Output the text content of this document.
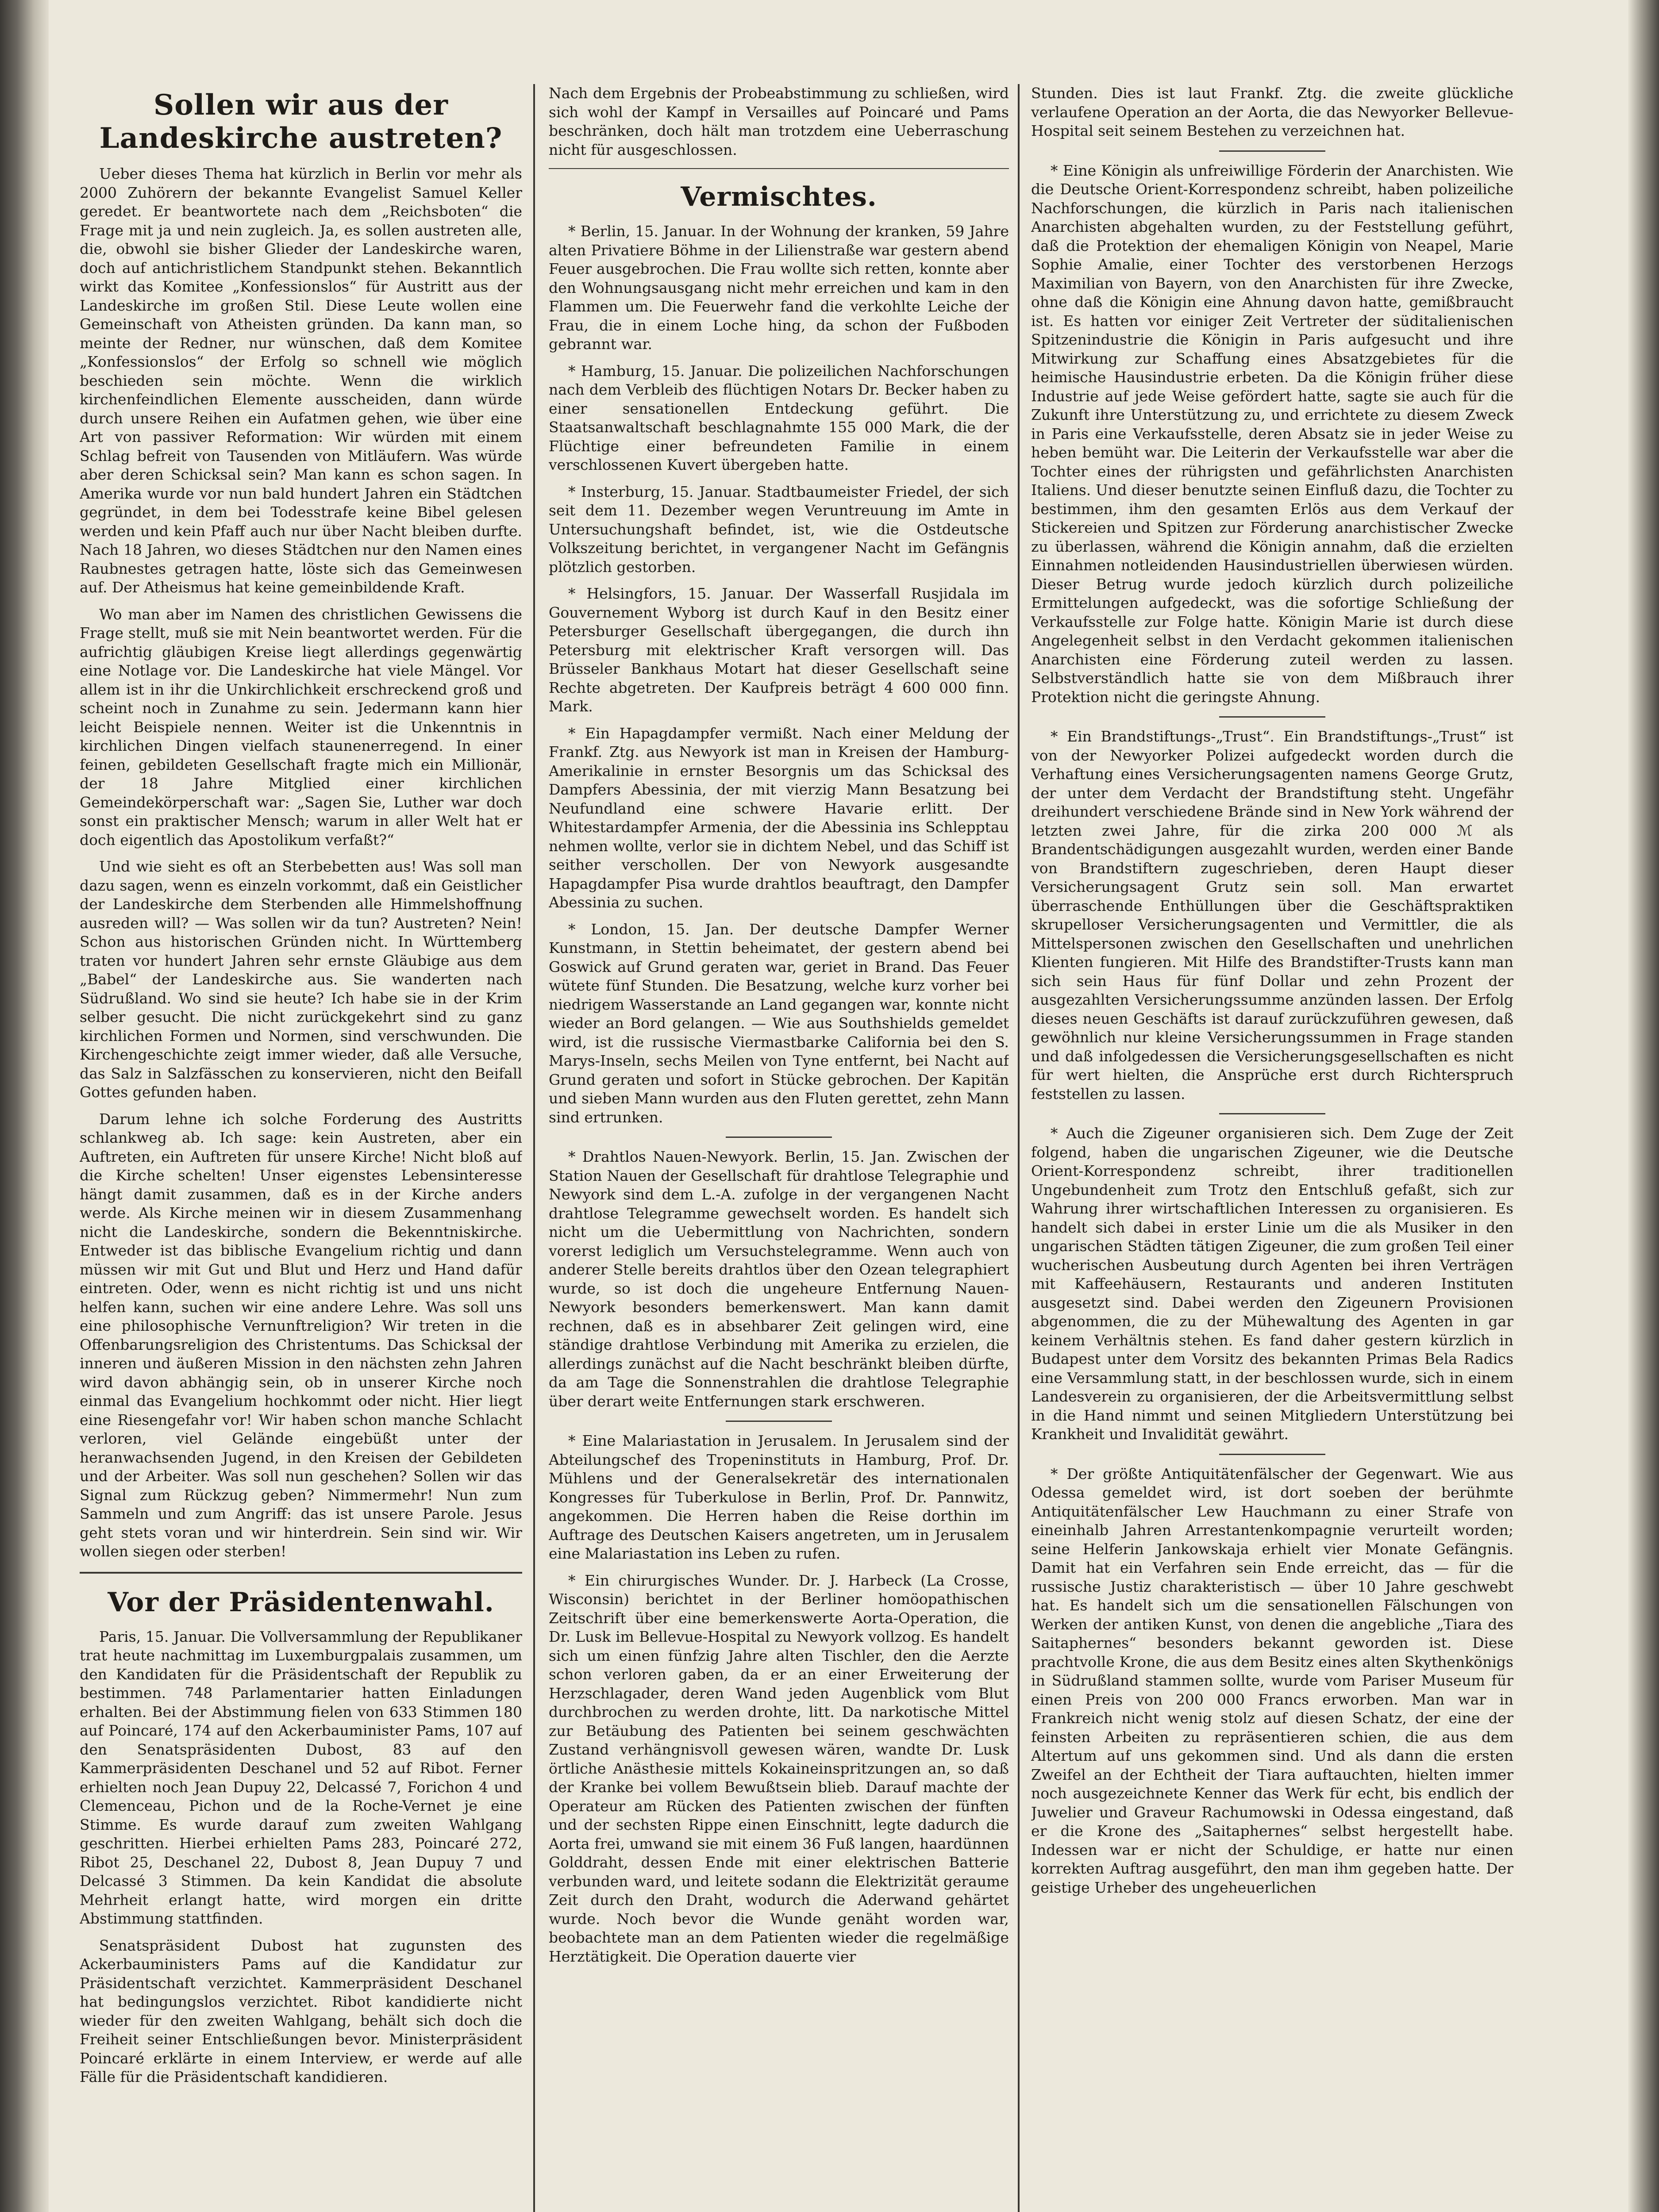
Sollen wir aus der Landeskirche austreten?

Ueber dieses Thema hat kürzlich in Berlin vor mehr als 2000 Zuhörern der bekannte Evangelist Samuel Keller geredet. Er beantwortete nach dem „Reichsboten“ die Frage mit ja und nein zugleich. Ja, es sollen austreten alle, die, obwohl sie bisher Glieder der Landeskirche waren, doch auf antichristlichem Standpunkt stehen. Bekanntlich wirkt das Komitee „Konfessionslos“ für Austritt aus der Landeskirche im großen Stil. Diese Leute wollen eine Gemeinschaft von Atheisten gründen. Da kann man, so meinte der Redner, nur wünschen, daß dem Komitee „Konfessionslos“ der Erfolg so schnell wie möglich beschieden sein möchte. Wenn die wirklich kirchenfeindlichen Elemente ausscheiden, dann würde durch unsere Reihen ein Aufatmen gehen, wie über eine Art von passiver Reformation: Wir würden mit einem Schlag befreit von Tausenden von Mitläufern. Was würde aber deren Schicksal sein? Man kann es schon sagen. In Amerika wurde vor nun bald hundert Jahren ein Städtchen gegründet, in dem bei Todesstrafe keine Bibel gelesen werden und kein Pfaff auch nur über Nacht bleiben durfte. Nach 18 Jahren, wo dieses Städtchen nur den Namen eines Raubnestes getragen hatte, löste sich das Gemeinwesen auf. Der Atheismus hat keine gemeinbildende Kraft.

Wo man aber im Namen des christlichen Gewissens die Frage stellt, muß sie mit Nein beantwortet werden. Für die aufrichtig gläubigen Kreise liegt allerdings gegenwärtig eine Notlage vor. Die Landeskirche hat viele Mängel. Vor allem ist in ihr die Unkirchlichkeit erschreckend groß und scheint noch in Zunahme zu sein. Jedermann kann hier leicht Beispiele nennen. Weiter ist die Unkenntnis in kirchlichen Dingen vielfach staunenerregend. In einer feinen, gebildeten Gesellschaft fragte mich ein Millionär, der 18 Jahre Mitglied einer kirchlichen Gemeindekörperschaft war: „Sagen Sie, Luther war doch sonst ein praktischer Mensch; warum in aller Welt hat er doch eigentlich das Apostolikum verfaßt?“

Und wie sieht es oft an Sterbebetten aus! Was soll man dazu sagen, wenn es einzeln vorkommt, daß ein Geistlicher der Landeskirche dem Sterbenden alle Himmelshoffnung ausreden will? — Was sollen wir da tun? Austreten? Nein! Schon aus historischen Gründen nicht. In Württemberg traten vor hundert Jahren sehr ernste Gläubige aus dem „Babel“ der Landeskirche aus. Sie wanderten nach Südrußland. Wo sind sie heute? Ich habe sie in der Krim selber gesucht. Die nicht zurückgekehrt sind zu ganz kirchlichen Formen und Normen, sind verschwunden. Die Kirchengeschichte zeigt immer wieder, daß alle Versuche, das Salz in Salzfässchen zu konservieren, nicht den Beifall Gottes gefunden haben.

Darum lehne ich solche Forderung des Austritts schlankweg ab. Ich sage: kein Austreten, aber ein Auftreten, ein Auftreten für unsere Kirche! Nicht bloß auf die Kirche schelten! Unser eigenstes Lebensinteresse hängt damit zusammen, daß es in der Kirche anders werde. Als Kirche meinen wir in diesem Zusammenhang nicht die Landeskirche, sondern die Bekenntniskirche. Entweder ist das biblische Evangelium richtig und dann müssen wir mit Gut und Blut und Herz und Hand dafür eintreten. Oder, wenn es nicht richtig ist und uns nicht helfen kann, suchen wir eine andere Lehre. Was soll uns eine philosophische Vernunftreligion? Wir treten in die Offenbarungsreligion des Christentums. Das Schicksal der inneren und äußeren Mission in den nächsten zehn Jahren wird davon abhängig sein, ob in unserer Kirche noch einmal das Evangelium hochkommt oder nicht. Hier liegt eine Riesengefahr vor! Wir haben schon manche Schlacht verloren, viel Gelände eingebüßt unter der heranwachsenden Jugend, in den Kreisen der Gebildeten und der Arbeiter. Was soll nun geschehen? Sollen wir das Signal zum Rückzug geben? Nimmermehr! Nun zum Sammeln und zum Angriff: das ist unsere Parole. Jesus geht stets voran und wir hinterdrein. Sein sind wir. Wir wollen siegen oder sterben!

Vor der Präsidentenwahl.

Paris, 15. Januar. Die Vollversammlung der Republikaner trat heute nachmittag im Luxemburgpalais zusammen, um den Kandidaten für die Präsidentschaft der Republik zu bestimmen. 748 Parlamentarier hatten Einladungen erhalten. Bei der Abstimmung fielen von 633 Stimmen 180 auf Poincaré, 174 auf den Ackerbauminister Pams, 107 auf den Senatspräsidenten Dubost, 83 auf den Kammerpräsidenten Deschanel und 52 auf Ribot. Ferner erhielten noch Jean Dupuy 22, Delcassé 7, Forichon 4 und Clemenceau, Pichon und de la Roche-Vernet je eine Stimme. Es wurde darauf zum zweiten Wahlgang geschritten. Hierbei erhielten Pams 283, Poincaré 272, Ribot 25, Deschanel 22, Dubost 8, Jean Dupuy 7 und Delcassé 3 Stimmen. Da kein Kandidat die absolute Mehrheit erlangt hatte, wird morgen ein dritte Abstimmung stattfinden.

Senatspräsident Dubost hat zugunsten des Ackerbauministers Pams auf die Kandidatur zur Präsidentschaft verzichtet. Kammerpräsident Deschanel hat bedingungslos verzichtet. Ribot kandidierte nicht wieder für den zweiten Wahlgang, behält sich doch die Freiheit seiner Entschließungen bevor. Ministerpräsident Poincaré erklärte in einem Interview, er werde auf alle Fälle für die Präsidentschaft kandidieren.

Nach dem Ergebnis der Probeabstimmung zu schließen, wird sich wohl der Kampf in Versailles auf Poincaré und Pams beschränken, doch hält man trotzdem eine Ueberraschung nicht für ausgeschlossen.

Vermischtes.

* Berlin, 15. Januar. In der Wohnung der kranken, 59 Jahre alten Privatiere Böhme in der Lilienstraße war gestern abend Feuer ausgebrochen. Die Frau wollte sich retten, konnte aber den Wohnungsausgang nicht mehr erreichen und kam in den Flammen um. Die Feuerwehr fand die verkohlte Leiche der Frau, die in einem Loche hing, da schon der Fußboden gebrannt war.

* Hamburg, 15. Januar. Die polizeilichen Nachforschungen nach dem Verbleib des flüchtigen Notars Dr. Becker haben zu einer sensationellen Entdeckung geführt. Die Staatsanwaltschaft beschlagnahmte 155 000 Mark, die der Flüchtige einer befreundeten Familie in einem verschlossenen Kuvert übergeben hatte.

* Insterburg, 15. Januar. Stadtbaumeister Friedel, der sich seit dem 11. Dezember wegen Veruntreuung im Amte in Untersuchungshaft befindet, ist, wie die Ostdeutsche Volkszeitung berichtet, in vergangener Nacht im Gefängnis plötzlich gestorben.

* Helsingfors, 15. Januar. Der Wasserfall Rusjidala im Gouvernement Wyborg ist durch Kauf in den Besitz einer Petersburger Gesellschaft übergegangen, die durch ihn Petersburg mit elektrischer Kraft versorgen will. Das Brüsseler Bankhaus Motart hat dieser Gesellschaft seine Rechte abgetreten. Der Kaufpreis beträgt 4 600 000 finn. Mark.

* Ein Hapagdampfer vermißt. Nach einer Meldung der Frankf. Ztg. aus Newyork ist man in Kreisen der Hamburg-Amerikalinie in ernster Besorgnis um das Schicksal des Dampfers Abessinia, der mit vierzig Mann Besatzung bei Neufundland eine schwere Havarie erlitt. Der Whitestardampfer Armenia, der die Abessinia ins Schlepptau nehmen wollte, verlor sie in dichtem Nebel, und das Schiff ist seither verschollen. Der von Newyork ausgesandte Hapagdampfer Pisa wurde drahtlos beauftragt, den Dampfer Abessinia zu suchen.

* London, 15. Jan. Der deutsche Dampfer Werner Kunstmann, in Stettin beheimatet, der gestern abend bei Goswick auf Grund geraten war, geriet in Brand. Das Feuer wütete fünf Stunden. Die Besatzung, welche kurz vorher bei niedrigem Wasserstande an Land gegangen war, konnte nicht wieder an Bord gelangen. — Wie aus Southshields gemeldet wird, ist die russische Viermastbarke California bei den S. Marys-Inseln, sechs Meilen von Tyne entfernt, bei Nacht auf Grund geraten und sofort in Stücke gebrochen. Der Kapitän und sieben Mann wurden aus den Fluten gerettet, zehn Mann sind ertrunken.

* Drahtlos Nauen-Newyork. Berlin, 15. Jan. Zwischen der Station Nauen der Gesellschaft für drahtlose Telegraphie und Newyork sind dem L.-A. zufolge in der vergangenen Nacht drahtlose Telegramme gewechselt worden. Es handelt sich nicht um die Uebermittlung von Nachrichten, sondern vorerst lediglich um Versuchstelegramme. Wenn auch von anderer Stelle bereits drahtlos über den Ozean telegraphiert wurde, so ist doch die ungeheure Entfernung Nauen-Newyork besonders bemerkenswert. Man kann damit rechnen, daß es in absehbarer Zeit gelingen wird, eine ständige drahtlose Verbindung mit Amerika zu erzielen, die allerdings zunächst auf die Nacht beschränkt bleiben dürfte, da am Tage die Sonnenstrahlen die drahtlose Telegraphie über derart weite Entfernungen stark erschweren.

* Eine Malariastation in Jerusalem. In Jerusalem sind der Abteilungschef des Tropeninstituts in Hamburg, Prof. Dr. Mühlens und der Generalsekretär des internationalen Kongresses für Tuberkulose in Berlin, Prof. Dr. Pannwitz, angekommen. Die Herren haben die Reise dorthin im Auftrage des Deutschen Kaisers angetreten, um in Jerusalem eine Malariastation ins Leben zu rufen.

* Ein chirurgisches Wunder. Dr. J. Harbeck (La Crosse, Wisconsin) berichtet in der Berliner homöopathischen Zeitschrift über eine bemerkenswerte Aorta-Operation, die Dr. Lusk im Bellevue-Hospital zu Newyork vollzog. Es handelt sich um einen fünfzig Jahre alten Tischler, den die Aerzte schon verloren gaben, da er an einer Erweiterung der Herzschlagader, deren Wand jeden Augenblick vom Blut durchbrochen zu werden drohte, litt. Da narkotische Mittel zur Betäubung des Patienten bei seinem geschwächten Zustand verhängnisvoll gewesen wären, wandte Dr. Lusk örtliche Anästhesie mittels Kokaineinspritzungen an, so daß der Kranke bei vollem Bewußtsein blieb. Darauf machte der Operateur am Rücken des Patienten zwischen der fünften und der sechsten Rippe einen Einschnitt, legte dadurch die Aorta frei, umwand sie mit einem 36 Fuß langen, haardünnen Golddraht, dessen Ende mit einer elektrischen Batterie verbunden ward, und leitete sodann die Elektrizität geraume Zeit durch den Draht, wodurch die Aderwand gehärtet wurde. Noch bevor die Wunde genäht worden war, beobachtete man an dem Patienten wieder die regelmäßige Herztätigkeit. Die Operation dauerte vier

Stunden. Dies ist laut Frankf. Ztg. die zweite glückliche verlaufene Operation an der Aorta, die das Newyorker Bellevue-Hospital seit seinem Bestehen zu verzeichnen hat.

* Eine Königin als unfreiwillige Förderin der Anarchisten. Wie die Deutsche Orient-Korrespondenz schreibt, haben polizeiliche Nachforschungen, die kürzlich in Paris nach italienischen Anarchisten abgehalten wurden, zu der Feststellung geführt, daß die Protektion der ehemaligen Königin von Neapel, Marie Sophie Amalie, einer Tochter des verstorbenen Herzogs Maximilian von Bayern, von den Anarchisten für ihre Zwecke, ohne daß die Königin eine Ahnung davon hatte, gemißbraucht ist. Es hatten vor einiger Zeit Vertreter der süditalienischen Spitzenindustrie die Königin in Paris aufgesucht und ihre Mitwirkung zur Schaffung eines Absatzgebietes für die heimische Hausindustrie erbeten. Da die Königin früher diese Industrie auf jede Weise gefördert hatte, sagte sie auch für die Zukunft ihre Unterstützung zu, und errichtete zu diesem Zweck in Paris eine Verkaufsstelle, deren Absatz sie in jeder Weise zu heben bemüht war. Die Leiterin der Verkaufsstelle war aber die Tochter eines der rührigsten und gefährlichsten Anarchisten Italiens. Und dieser benutzte seinen Einfluß dazu, die Tochter zu bestimmen, ihm den gesamten Erlös aus dem Verkauf der Stickereien und Spitzen zur Förderung anarchistischer Zwecke zu überlassen, während die Königin annahm, daß die erzielten Einnahmen notleidenden Hausindustriellen überwiesen würden. Dieser Betrug wurde jedoch kürzlich durch polizeiliche Ermittelungen aufgedeckt, was die sofortige Schließung der Verkaufsstelle zur Folge hatte. Königin Marie ist durch diese Angelegenheit selbst in den Verdacht gekommen italienischen Anarchisten eine Förderung zuteil werden zu lassen. Selbstverständlich hatte sie von dem Mißbrauch ihrer Protektion nicht die geringste Ahnung.

* Ein Brandstiftungs-„Trust“. Ein Brandstiftungs-„Trust“ ist von der Newyorker Polizei aufgedeckt worden durch die Verhaftung eines Versicherungsagenten namens George Grutz, der unter dem Verdacht der Brandstiftung steht. Ungefähr dreihundert verschiedene Brände sind in New York während der letzten zwei Jahre, für die zirka 200 000 ℳ als Brandentschädigungen ausgezahlt wurden, werden einer Bande von Brandstiftern zugeschrieben, deren Haupt dieser Versicherungsagent Grutz sein soll. Man erwartet überraschende Enthüllungen über die Geschäftspraktiken skrupelloser Versicherungsagenten und Vermittler, die als Mittelspersonen zwischen den Gesellschaften und unehrlichen Klienten fungieren. Mit Hilfe des Brandstifter-Trusts kann man sich sein Haus für fünf Dollar und zehn Prozent der ausgezahlten Versicherungssumme anzünden lassen. Der Erfolg dieses neuen Geschäfts ist darauf zurückzuführen gewesen, daß gewöhnlich nur kleine Versicherungssummen in Frage standen und daß infolgedessen die Versicherungsgesellschaften es nicht für wert hielten, die Ansprüche erst durch Richterspruch feststellen zu lassen.

* Auch die Zigeuner organisieren sich. Dem Zuge der Zeit folgend, haben die ungarischen Zigeuner, wie die Deutsche Orient-Korrespondenz schreibt, ihrer traditionellen Ungebundenheit zum Trotz den Entschluß gefaßt, sich zur Wahrung ihrer wirtschaftlichen Interessen zu organisieren. Es handelt sich dabei in erster Linie um die als Musiker in den ungarischen Städten tätigen Zigeuner, die zum großen Teil einer wucherischen Ausbeutung durch Agenten bei ihren Verträgen mit Kaffeehäusern, Restaurants und anderen Instituten ausgesetzt sind. Dabei werden den Zigeunern Provisionen abgenommen, die zu der Mühewaltung des Agenten in gar keinem Verhältnis stehen. Es fand daher gestern kürzlich in Budapest unter dem Vorsitz des bekannten Primas Bela Radics eine Versammlung statt, in der beschlossen wurde, sich in einem Landesverein zu organisieren, der die Arbeitsvermittlung selbst in die Hand nimmt und seinen Mitgliedern Unterstützung bei Krankheit und Invalidität gewährt.

* Der größte Antiquitätenfälscher der Gegenwart. Wie aus Odessa gemeldet wird, ist dort soeben der berühmte Antiquitätenfälscher Lew Hauchmann zu einer Strafe von eineinhalb Jahren Arrestantenkompagnie verurteilt worden; seine Helferin Jankowskaja erhielt vier Monate Gefängnis. Damit hat ein Verfahren sein Ende erreicht, das — für die russische Justiz charakteristisch — über 10 Jahre geschwebt hat. Es handelt sich um die sensationellen Fälschungen von Werken der antiken Kunst, von denen die angebliche „Tiara des Saitaphernes“ besonders bekannt geworden ist. Diese prachtvolle Krone, die aus dem Besitz eines alten Skythenkönigs in Südrußland stammen sollte, wurde vom Pariser Museum für einen Preis von 200 000 Francs erworben. Man war in Frankreich nicht wenig stolz auf diesen Schatz, der eine der feinsten Arbeiten zu repräsentieren schien, die aus dem Altertum auf uns gekommen sind. Und als dann die ersten Zweifel an der Echtheit der Tiara auftauchten, hielten immer noch ausgezeichnete Kenner das Werk für echt, bis endlich der Juwelier und Graveur Rachumowski in Odessa eingestand, daß er die Krone des „Saitaphernes“ selbst hergestellt habe. Indessen war er nicht der Schuldige, er hatte nur einen korrekten Auftrag ausgeführt, den man ihm gegeben hatte. Der geistige Urheber des ungeheuerlichen
